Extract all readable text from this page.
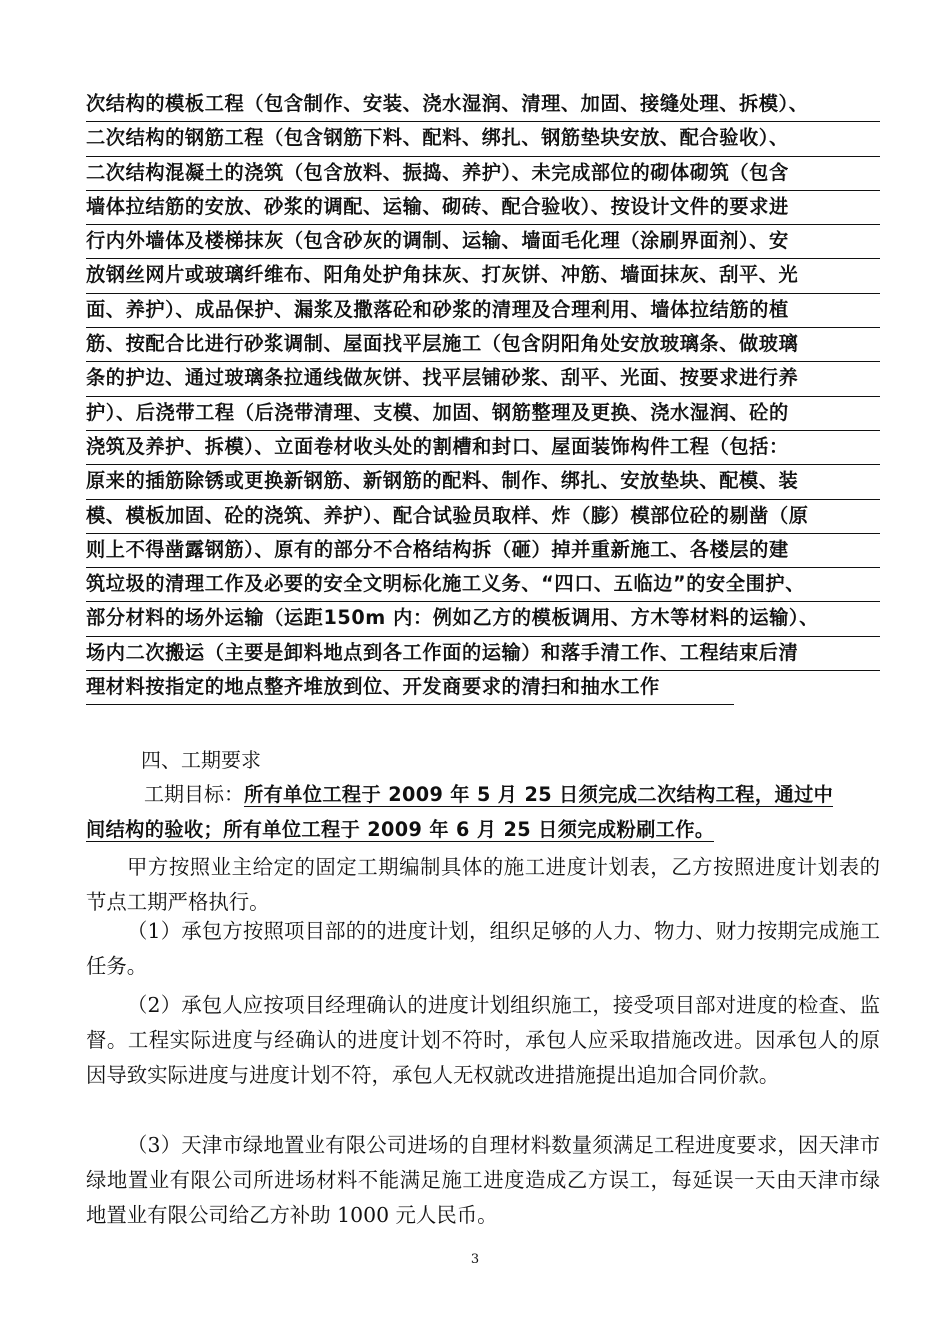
次结构的模板工程（包含制作、安装、浇水湿润、清理、加固、接缝处理、拆模）、
二次结构的钢筋工程（包含钢筋下料、配料、绑扎、钢筋垫块安放、配合验收）、
二次结构混凝土的浇筑（包含放料、振捣、养护）、未完成部位的砌体砌筑（包含
墙体拉结筋的安放、砂浆的调配、运输、砌砖、配合验收）、按设计文件的要求进
行内外墙体及楼梯抹灰（包含砂灰的调制、运输、墙面毛化理（涂刷界面剂）、安
放钢丝网片或玻璃纤维布、阳角处护角抹灰、打灰饼、冲筋、墙面抹灰、刮平、光
面、养护）、成品保护、漏浆及撒落砼和砂浆的清理及合理利用、墙体拉结筋的植
筋、按配合比进行砂浆调制、屋面找平层施工（包含阴阳角处安放玻璃条、做玻璃
条的护边、通过玻璃条拉通线做灰饼、找平层铺砂浆、刮平、光面、按要求进行养
护）、后浇带工程（后浇带清理、支模、加固、钢筋整理及更换、浇水湿润、砼的
浇筑及养护、拆模）、立面卷材收头处的割槽和封口、屋面装饰构件工程（包括：
原来的插筋除锈或更换新钢筋、新钢筋的配料、制作、绑扎、安放垫块、配模、装
模、模板加固、砼的浇筑、养护）、配合试验员取样、炸（膨）模部位砼的剔凿（原
则上不得凿露钢筋）、原有的部分不合格结构拆（砸）掉并重新施工、各楼层的建
筑垃圾的清理工作及必要的安全文明标化施工义务、“四口、五临边”的安全围护、
部分材料的场外运输（运距150m 内：例如乙方的模板调用、方木等材料的运输）、
场内二次搬运（主要是卸料地点到各工作面的运输）和落手清工作、工程结束后清
理材料按指定的地点整齐堆放到位、开发商要求的清扫和抽水工作
四、工期要求
工期目标：所有单位工程于 2009 年 5 月 25 日须完成二次结构工程，通过中
间结构的验收；所有单位工程于 2009 年 6 月 25 日须完成粉刷工作。
甲方按照业主给定的固定工期编制具体的施工进度计划表，乙方按照进度计划表的节点工期严格执行。
（1）承包方按照项目部的的进度计划，组织足够的人力、物力、财力按期完成施工任务。
（2）承包人应按项目经理确认的进度计划组织施工，接受项目部对进度的检查、监督。工程实际进度与经确认的进度计划不符时，承包人应采取措施改进。因承包人的原因导致实际进度与进度计划不符，承包人无权就改进措施提出追加合同价款。
（3）天津市绿地置业有限公司进场的自理材料数量须满足工程进度要求，因天津市绿地置业有限公司所进场材料不能满足施工进度造成乙方误工，每延误一天由天津市绿地置业有限公司给乙方补助 1000 元人民币。
3
